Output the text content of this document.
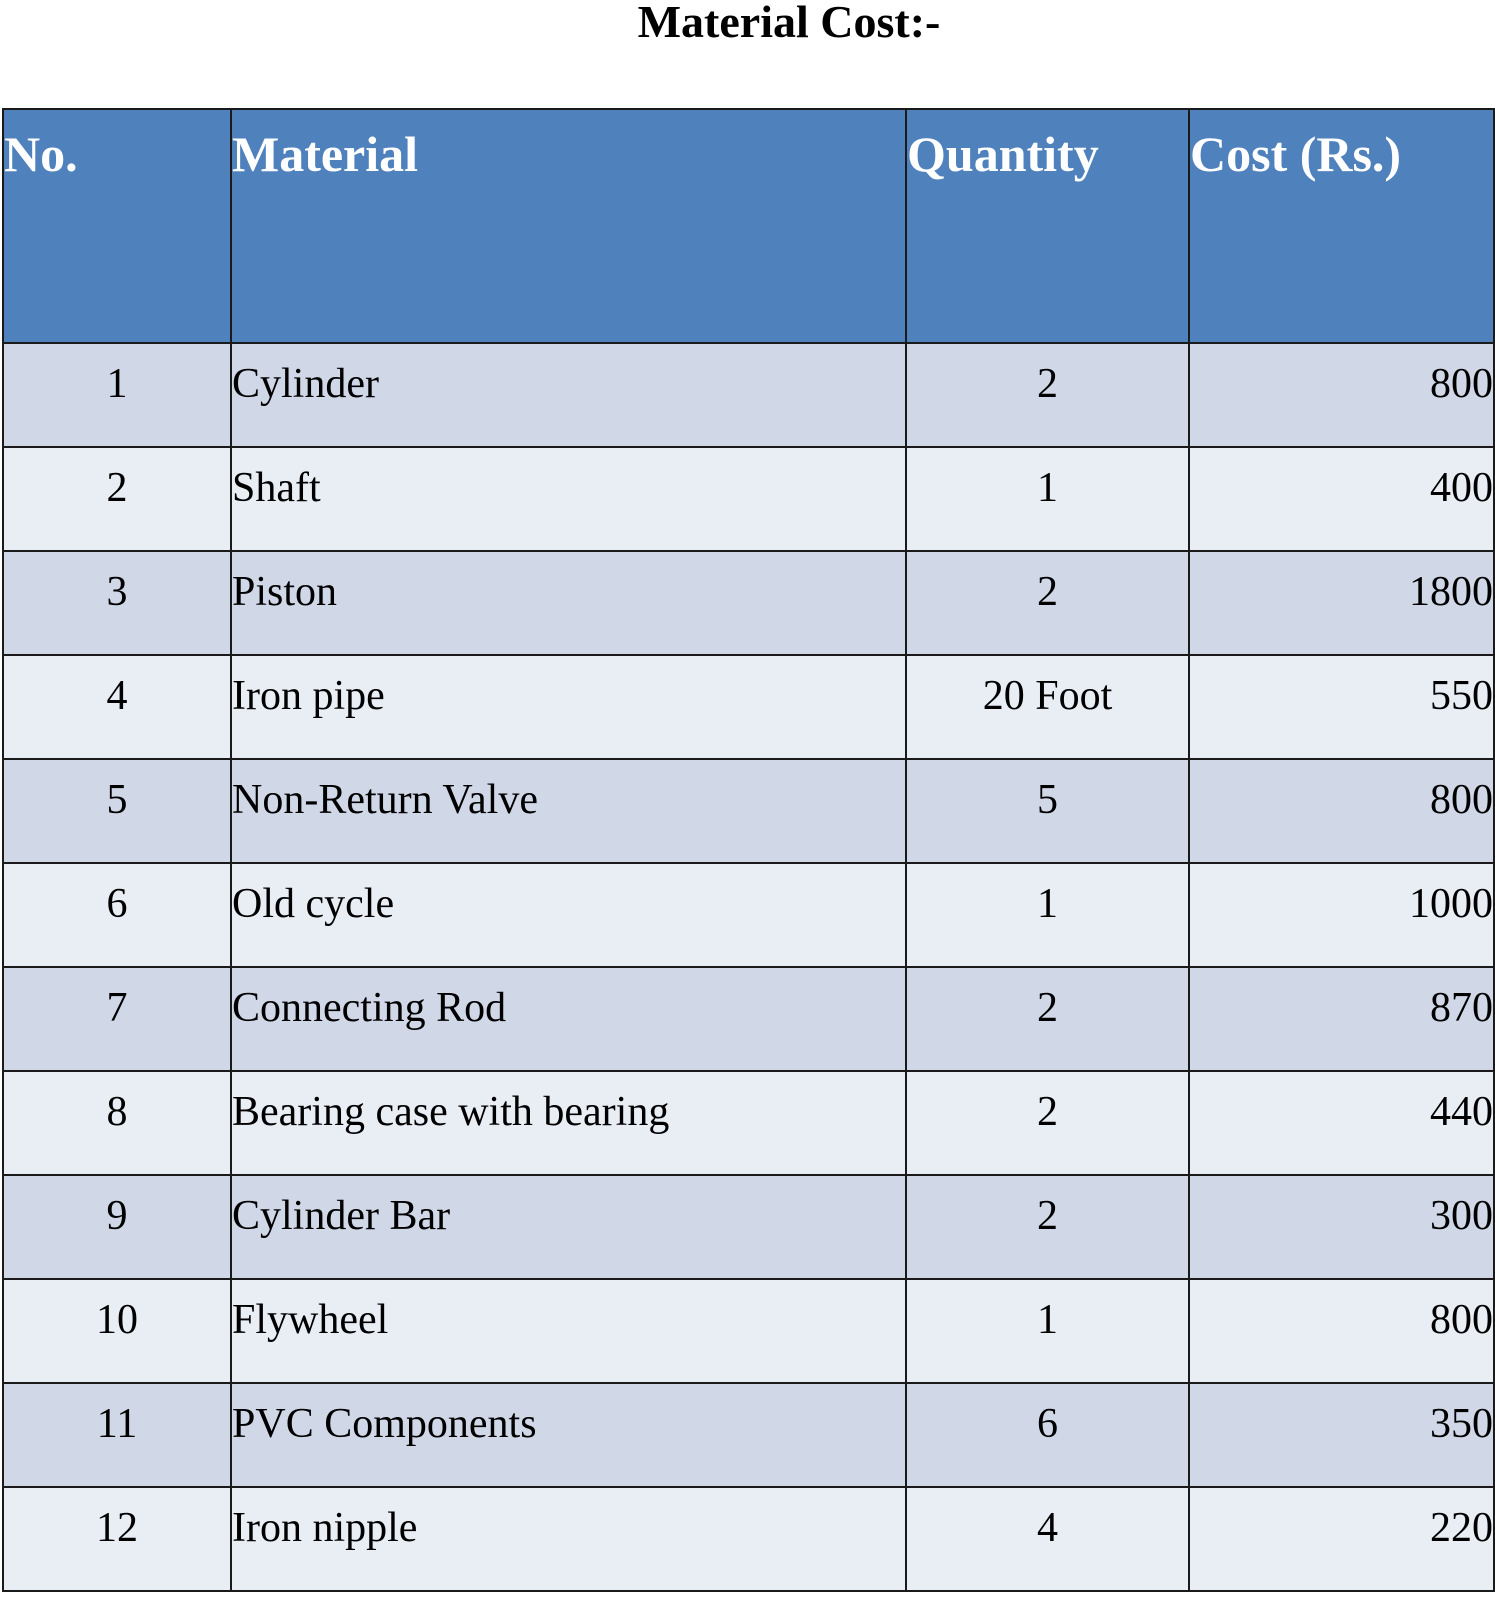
Material Cost:-
No.	Material	Quantity	Cost (Rs.)
1	Cylinder	2	800
2	Shaft	1	400
3	Piston	2	1800
4	Iron pipe	20 Foot	550
5	Non-Return Valve	5	800
6	Old cycle	1	1000
7	Connecting Rod	2	870
8	Bearing case with bearing	2	440
9	Cylinder Bar	2	300
10	Flywheel	1	800
11	PVC Components	6	350
12	Iron nipple	4	220
